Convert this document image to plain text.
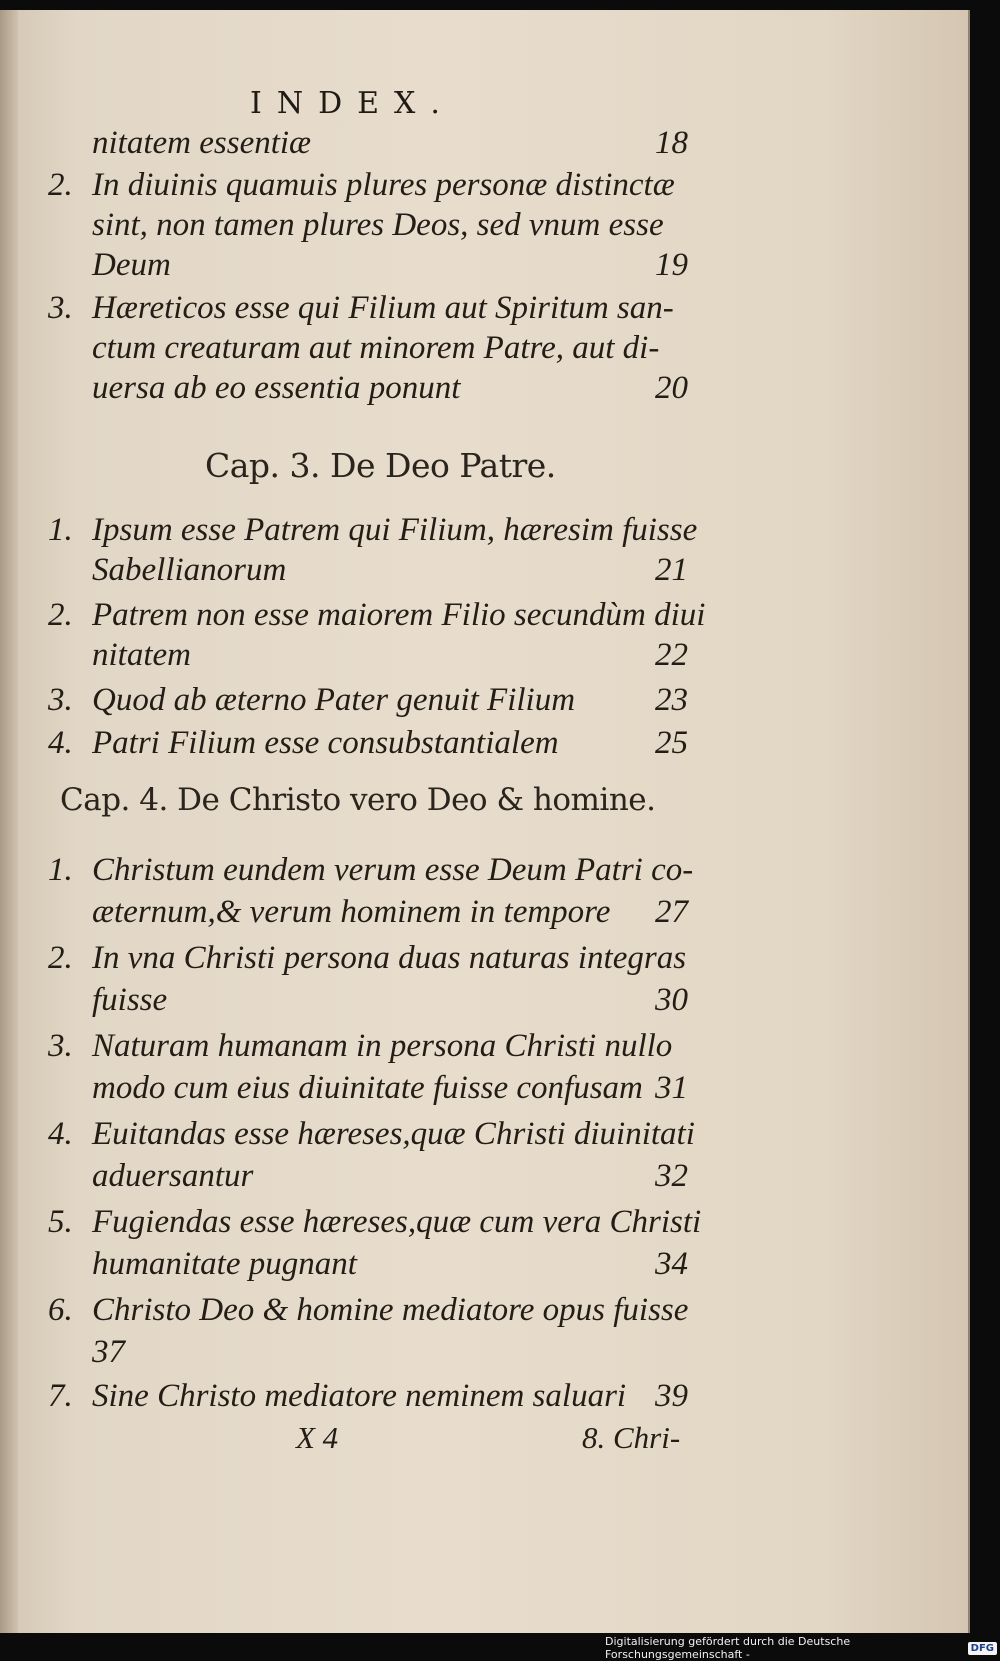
INDEX.
nitatem essentiæ	18
2. In diuinis quamuis plures personæ distinctæ
sint, non tamen plures Deos, sed vnum esse
Deum	19
3. Hæreticos esse qui Filium aut Spiritum san-
ctum creaturam aut minorem Patre, aut di-
uersa ab eo essentia ponunt	20
Cap. 3. De Deo Patre.
1. Ipsum esse Patrem qui Filium, hæresim fuisse
Sabellianorum	21
2. Patrem non esse maiorem Filio secundùm diui
nitatem	22
3. Quod ab æterno Pater genuit Filium 23
4. Patri Filium esse consubstantialem	25
Cap. 4. De Christo vero Deo & homine.
1. Christum eundem verum esse Deum Patri co-
æternum,& verum hominem in tempore 27
2. In vna Christi persona duas naturas integras
fuisse	30
3. Naturam humanam in persona Christi nullo
modo cum eius diuinitate fuisse confusam 31
4. Euitandas esse hæreses,quæ Christi diuinitati
aduersantur	32
5. Fugiendas esse hæreses,quæ cum vera Christi
humanitate pugnant	34
6. Christo Deo & homine mediatore opus fuisse
37
7. Sine Christo mediatore neminem saluari 39
X 4	8. Chri-
Digitalisierung gefördert durch die Deutsche Forschungsgemeinschaft -	DFG
